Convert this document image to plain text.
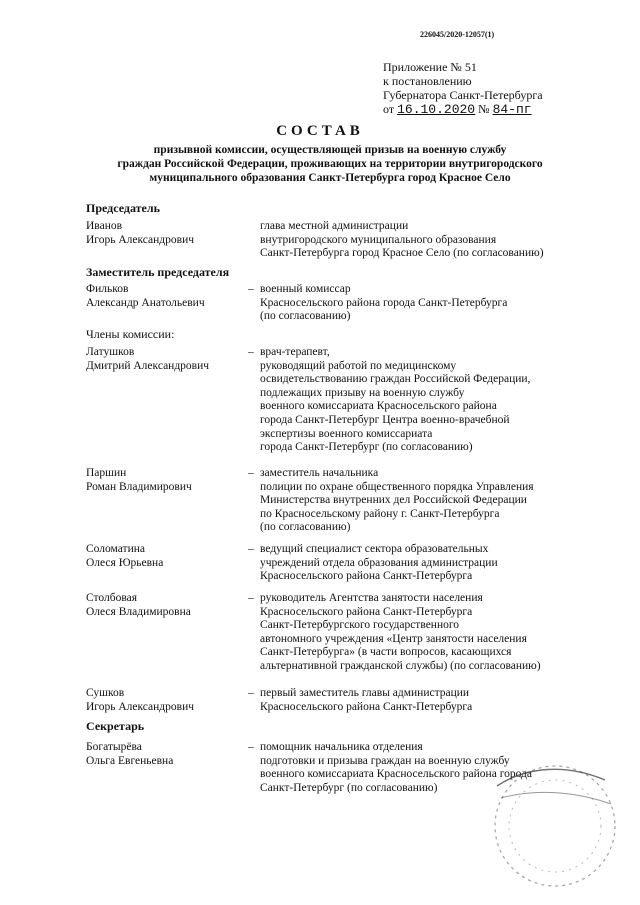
226045/2020-12057(1)
Приложение № 51
к постановлению
Губернатора Санкт-Петербурга
от 16.10.2020 № 84-пг
СОСТАВ
призывной комиссии, осуществляющей призыв на военную службу
граждан Российской Федерации, проживающих на территории внутригородского
муниципального образования Санкт-Петербурга город Красное Село
Председатель
Заместитель председателя
Члены комиссии:
Секретарь
Иванов
Игорь Александрович
глава местной администрации
внутригородского муниципального образования
Санкт-Петербурга город Красное Село (по согласованию)
Фильков
Александр Анатольевич
– военный комиссар
Красносельского района города Санкт-Петербурга
(по согласованию)
Латушков
Дмитрий Александрович
– врач-терапевт,
руководящий работой по медицинскому
освидетельствованию граждан Российской Федерации,
подлежащих призыву на военную службу
военного комиссариата Красносельского района
города Санкт-Петербург Центра военно-врачебной
экспертизы военного комиссариата
города Санкт-Петербург (по согласованию)
Паршин
Роман Владимирович
– заместитель начальника
полиции по охране общественного порядка Управления
Министерства внутренних дел Российской Федерации
по Красносельскому району г. Санкт-Петербурга
(по согласованию)
Соломатина
Олеся Юрьевна
– ведущий специалист сектора образовательных
учреждений отдела образования администрации
Красносельского района Санкт-Петербурга
Столбовая
Олеся Владимировна
– руководитель Агентства занятости населения
Красносельского района Санкт-Петербурга
Санкт-Петербургского государственного
автономного учреждения «Центр занятости населения
Санкт-Петербурга» (в части вопросов, касающихся
альтернативной гражданской службы) (по согласованию)
Сушков
Игорь Александрович
– первый заместитель главы администрации
Красносельского района Санкт-Петербурга
Богатырёва
Ольга Евгеньевна
– помощник начальника отделения
подготовки и призыва граждан на военную службу
военного комиссариата Красносельского района города
Санкт-Петербург (по согласованию)
